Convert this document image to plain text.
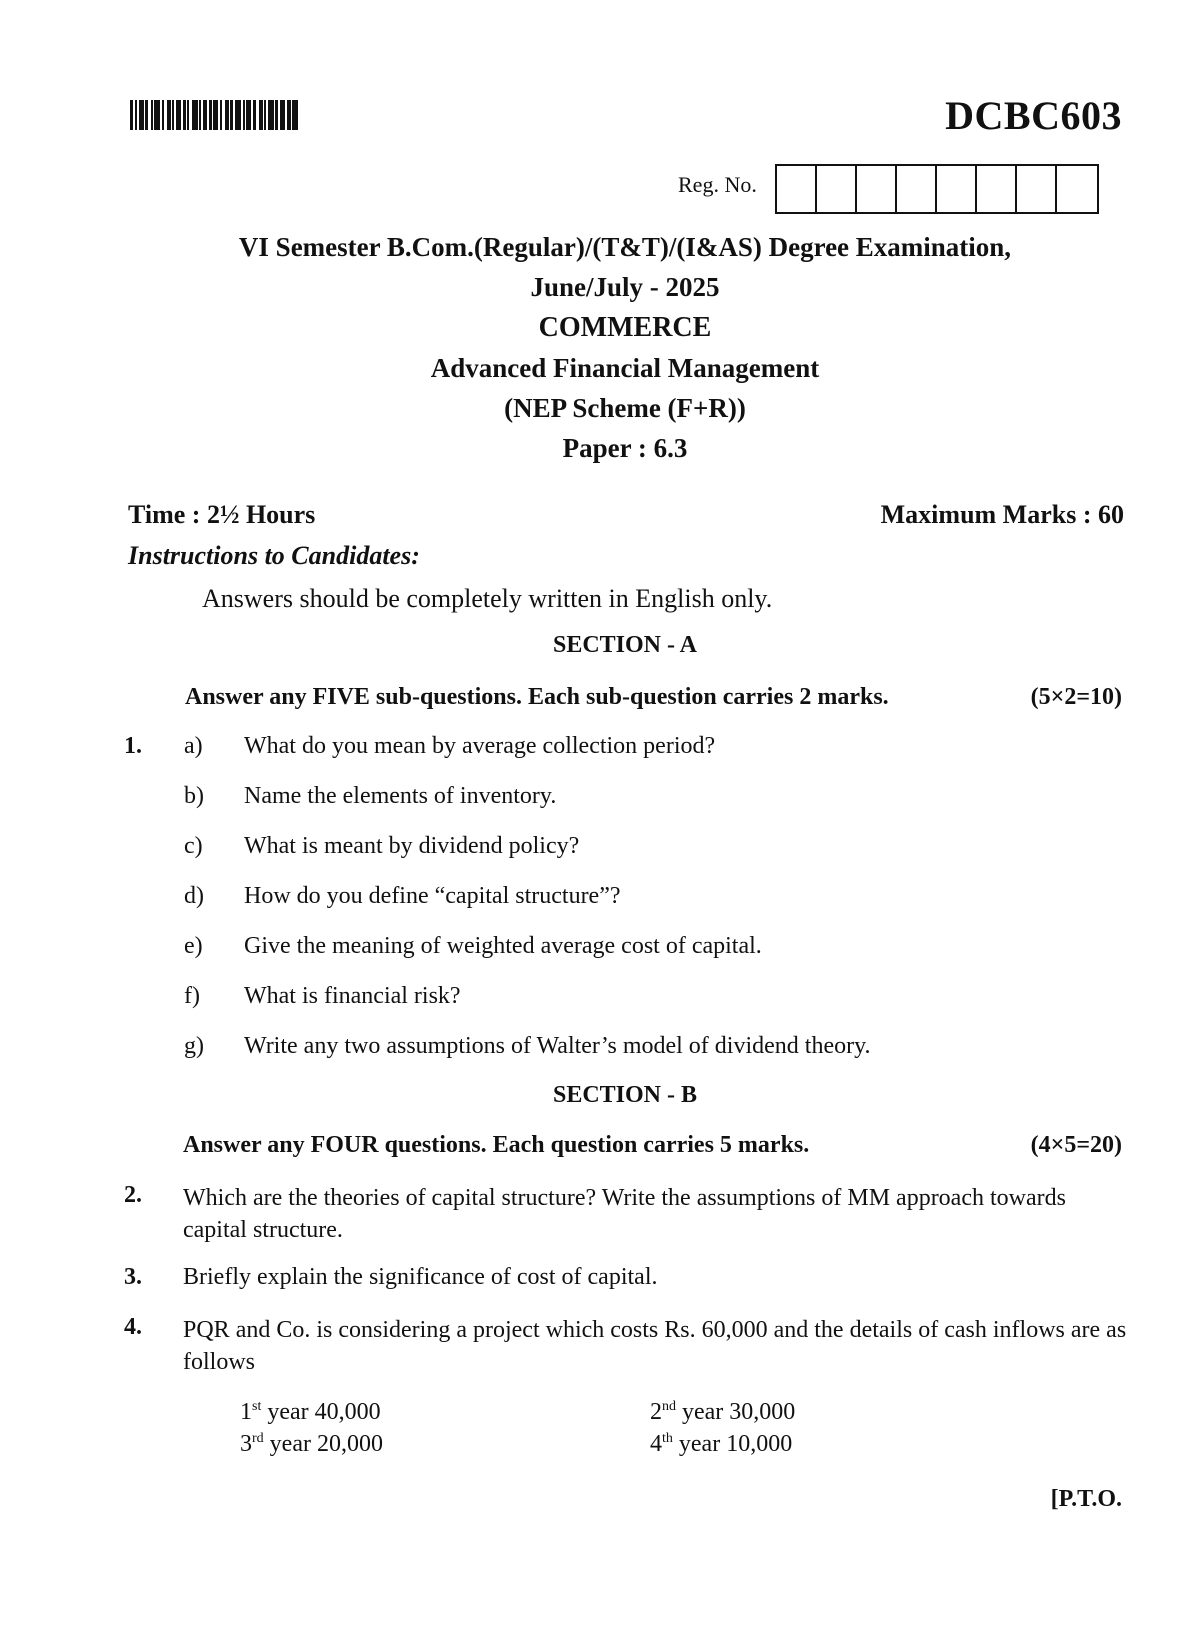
DCBC603
Reg. No.
VI Semester B.Com.(Regular)/(T&T)/(I&AS) Degree Examination,
June/July - 2025
COMMERCE
Advanced Financial Management
(NEP Scheme (F+R))
Paper : 6.3
Time : 2½ Hours	Maximum Marks : 60
Instructions to Candidates:
Answers should be completely written in English only.
SECTION - A
Answer any FIVE sub-questions. Each sub-question carries 2 marks.	(5×2=10)
1. a) What do you mean by average collection period?
b) Name the elements of inventory.
c) What is meant by dividend policy?
d) How do you define “capital structure”?
e) Give the meaning of weighted average cost of capital.
f) What is financial risk?
g) Write any two assumptions of Walter’s model of dividend theory.
SECTION - B
Answer any FOUR questions. Each question carries 5 marks.	(4×5=20)
2. Which are the theories of capital structure? Write the assumptions of MM approach towards capital structure.
3. Briefly explain the significance of cost of capital.
4. PQR and Co. is considering a project which costs Rs. 60,000 and the details of cash inflows are as follows
1st year 40,000	2nd year 30,000
3rd year 20,000	4th year 10,000
[P.T.O.
